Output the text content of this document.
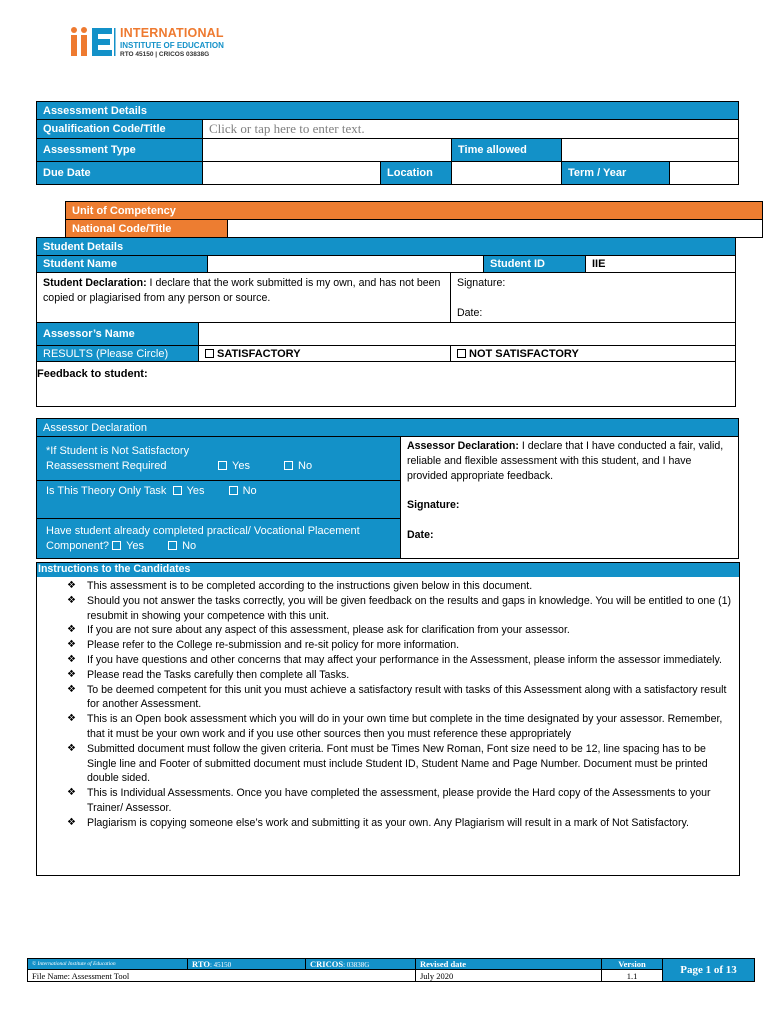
INTERNATIONAL
INSTITUTE OF EDUCATION
RTO 45150 | CRICOS 03838G
Assessment Details					
Qualification Code/Title	Click or tap here to enter text.				
Assessment Type			Time allowed		
Due Date		Location		Term / Year	
Unit of Competency
National Code/Title	
Student Details					
Student Name				Student ID	IIE
Student Declaration: I declare that the work submitted is my own, and has not been copied or plagiarised from any person or source.			Signature:
Date:		

Assessor’s Name					
RESULTS (Please Circle)	SATISFACTORY		NOT SATISFACTORY		
Feedback to student:					
Assessor Declaration

*If Student is Not Satisfactory
Reassessment Required	Yes	No

Assessor Declaration: I declare that I have conducted a fair, valid, reliable and flexible assessment with this student, and I have provided appropriate feedback.
Signature:
Date:

Is This Theory Only Task Yes	No

Have student already completed practical/ Vocational Placement
Component? Yes	No
Instructions to the Candidates
❖ This assessment is to be completed according to the instructions given below in this document.
❖ Should you not answer the tasks correctly, you will be given feedback on the results and gaps in knowledge. You will be entitled to one (1) resubmit in showing your competence with this unit.
❖ If you are not sure about any aspect of this assessment, please ask for clarification from your assessor.
❖ Please refer to the College re-submission and re-sit policy for more information.
❖ If you have questions and other concerns that may affect your performance in the Assessment, please inform the assessor immediately.
❖ Please read the Tasks carefully then complete all Tasks.
❖ To be deemed competent for this unit you must achieve a satisfactory result with tasks of this Assessment along with a satisfactory result for another Assessment.
❖ This is an Open book assessment which you will do in your own time but complete in the time designated by your assessor. Remember, that it must be your own work and if you use other sources then you must reference these appropriately
❖ Submitted document must follow the given criteria. Font must be Times New Roman, Font size need to be 12, line spacing has to be Single line and Footer of submitted document must include Student ID, Student Name and Page Number. Document must be printed double sided.
❖ This is Individual Assessments. Once you have completed the assessment, please provide the Hard copy of the Assessments to your Trainer/ Assessor.
❖ Plagiarism is copying someone else’s work and submitting it as your own. Any Plagiarism will result in a mark of Not Satisfactory.
© International Institute of Education	RTO: 45150	CRICOS: 03838G	Revised date	Version	Page 1 of 13
File Name: Assessment Tool			July 2020	1.1	
